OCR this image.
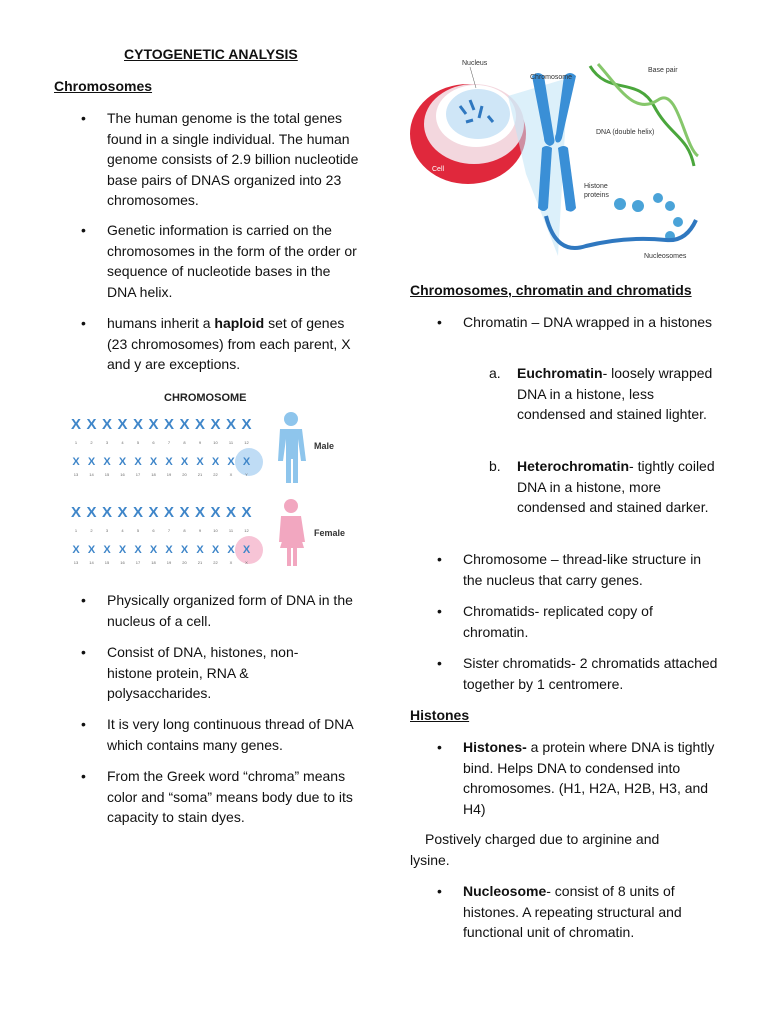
CYTOGENETIC ANALYSIS
Chromosomes
• The human genome is the total genes found in a single individual. The human genome consists of 2.9 billion nucleotide base pairs of DNAS organized into 23 chromosomes.
• Genetic information is carried on the chromosomes in the form of the order or sequence of nucleotide bases in the DNA helix.
• humans inherit a haploid set of genes (23 chromosomes) from each parent, X and y are exceptions.
CHROMOSOME
X
1
X
2
X
3
X
4
X
5
X
6
X
7
X
8
X
9
X
10
X
11
X
12
X
13
X
14
X
15
X
16
X
17
X
18
X
19
X
20
X
21
X
22
X
X
X
Y
X
1
X
2
X
3
X
4
X
5
X
6
X
7
X
8
X
9
X
10
X
11
X
12
X
13
X
14
X
15
X
16
X
17
X
18
X
19
X
20
X
21
X
22
X
X
X
X
Male
Female
• Physically organized form of DNA in the nucleus of a cell.
• Consist of DNA, histones, non-histone protein, RNA & polysaccharides.
• It is very long continuous thread of DNA which contains many genes.
• From the Greek word “chroma” means color and “soma” means body due to its capacity to stain dyes.
Nucleus
Cell
Chromosome
Base pair
DNA (double helix)
Histone
proteins
Nucleosomes
Chromosomes, chromatin and chromatids
• Chromatin – DNA wrapped in a histones
a. Euchromatin- loosely wrapped DNA in a histone, less condensed and stained lighter.
b. Heterochromatin- tightly coiled DNA in a histone, more condensed and stained darker.
• Chromosome – thread-like structure in the nucleus that carry genes.
• Chromatids- replicated copy of chromatin.
• Sister chromatids- 2 chromatids attached together by 1 centromere.
Histones
• Histones- a protein where DNA is tightly bind. Helps DNA to condensed into chromosomes. (H1, H2A, H2B, H3, and H4)
Postively charged due to arginine and lysine.
• Nucleosome- consist of 8 units of histones. A repeating structural and functional unit of chromatin.
